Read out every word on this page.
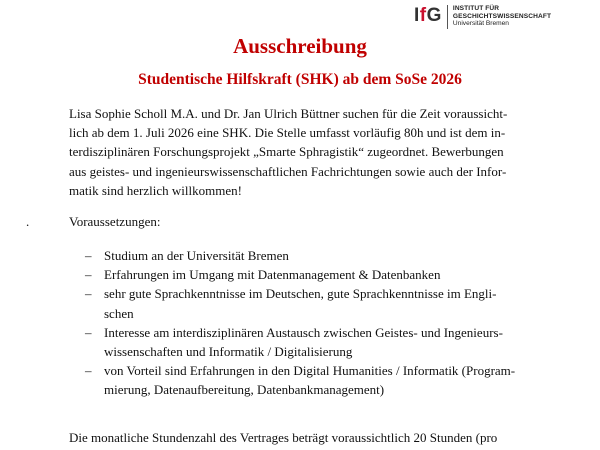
IfG INSTITUT FÜR
GESCHICHTSWISSENSCHAFT
Universität Bremen
Ausschreibung
Studentische Hilfskraft (SHK) ab dem SoSe 2026
Lisa Sophie Scholl M.A. und Dr. Jan Ulrich Büttner suchen für die Zeit voraussicht-
lich ab dem 1. Juli 2026 eine SHK. Die Stelle umfasst vorläufig 80h und ist dem in-
terdisziplinären Forschungsprojekt „Smarte Sphragistik“ zugeordnet. Bewerbungen
aus geistes- und ingenieurswissenschaftlichen Fachrichtungen sowie auch der Infor-
matik sind herzlich willkommen!
.	Voraussetzungen:
– Studium an der Universität Bremen
– Erfahrungen im Umgang mit Datenmanagement & Datenbanken
– sehr gute Sprachkenntnisse im Deutschen, gute Sprachkenntnisse im Engli-
schen
– Interesse am interdisziplinären Austausch zwischen Geistes- und Ingenieurs-
wissenschaften und Informatik / Digitalisierung
– von Vorteil sind Erfahrungen in den Digital Humanities / Informatik (Program-
mierung, Datenaufbereitung, Datenbankmanagement)
Die monatliche Stundenzahl des Vertrages beträgt voraussichtlich 20 Stunden (pro
